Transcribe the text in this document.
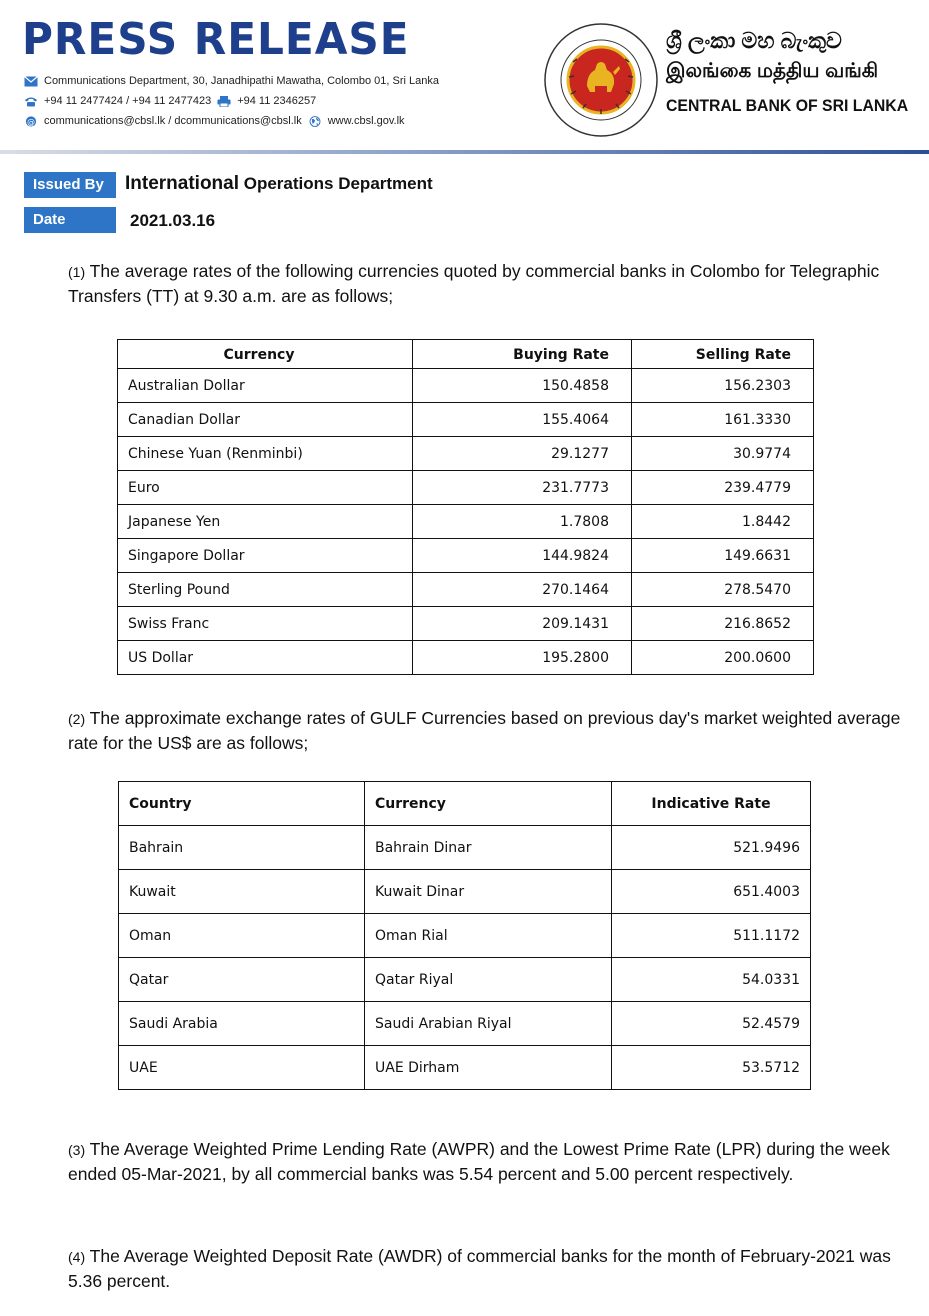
PRESS RELEASE
Communications Department, 30, Janadhipathi Mawatha, Colombo 01, Sri Lanka
+94 11 2477424 / +94 11 2477423 +94 11 2346257
@ communications@cbsl.lk / dcommunications@cbsl.lk www.cbsl.gov.lk
ශ්‍රී ලංකා මහ බැංකුව
இலங்கை மத்திய வங்கி
CENTRAL BANK OF SRI LANKA
Issued By	International Operations Department
Date	2021.03.16
(1) The average rates of the following currencies quoted by commercial banks in Colombo for Telegraphic Transfers (TT) at 9.30 a.m. are as follows;
Currency	Buying Rate	Selling Rate
Australian Dollar	150.4858	156.2303
Canadian Dollar	155.4064	161.3330
Chinese Yuan (Renminbi)	29.1277	30.9774
Euro	231.7773	239.4779
Japanese Yen	1.7808	1.8442
Singapore Dollar	144.9824	149.6631
Sterling Pound	270.1464	278.5470
Swiss Franc	209.1431	216.8652
US Dollar	195.2800	200.0600
(2) The approximate exchange rates of GULF Currencies based on previous day's market weighted average rate for the US$ are as follows;
Country	Currency	Indicative Rate
Bahrain	Bahrain Dinar	521.9496
Kuwait	Kuwait Dinar	651.4003
Oman	Oman Rial	511.1172
Qatar	Qatar Riyal	54.0331
Saudi Arabia	Saudi Arabian Riyal	52.4579
UAE	UAE Dirham	53.5712
(3) The Average Weighted Prime Lending Rate (AWPR) and the Lowest Prime Rate (LPR) during the week ended 05-Mar-2021, by all commercial banks was 5.54 percent and 5.00 percent respectively.
(4) The Average Weighted Deposit Rate (AWDR) of commercial banks for the month of February-2021 was 5.36 percent.
